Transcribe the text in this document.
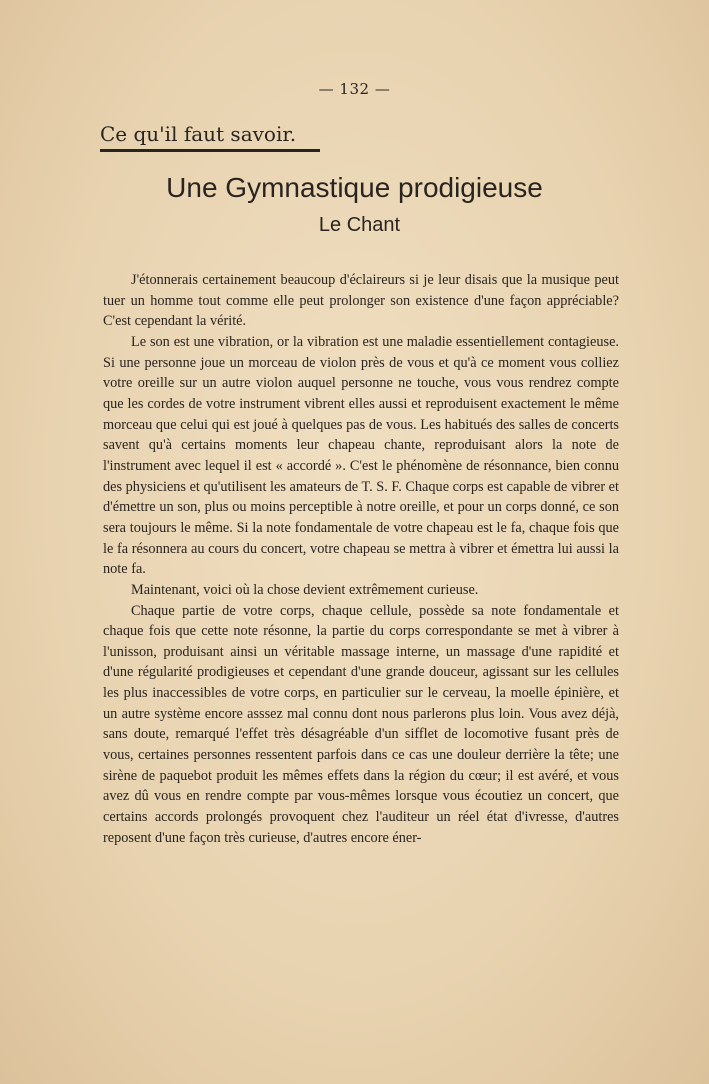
— 132 —
Ce qu'il faut savoir.
Une Gymnastique prodigieuse
Le Chant

J'étonnerais certainement beaucoup d'éclaireurs si je leur disais que la musique peut tuer un homme tout comme elle peut prolonger son existence d'une façon appréciable? C'est cependant la vérité.

Le son est une vibration, or la vibration est une maladie essentiellement contagieuse. Si une personne joue un morceau de violon près de vous et qu'à ce moment vous colliez votre oreille sur un autre violon auquel personne ne touche, vous vous rendrez compte que les cordes de votre instrument vibrent elles aussi et reproduisent exactement le même morceau que celui qui est joué à quelques pas de vous. Les habitués des salles de concerts savent qu'à certains moments leur chapeau chante, reproduisant alors la note de l'instrument avec lequel il est « accordé ». C'est le phénomène de résonnance, bien connu des physiciens et qu'utilisent les amateurs de T. S. F. Chaque corps est capable de vibrer et d'émettre un son, plus ou moins perceptible à notre oreille, et pour un corps donné, ce son sera toujours le même. Si la note fondamentale de votre chapeau est le fa, chaque fois que le fa résonnera au cours du concert, votre chapeau se mettra à vibrer et émettra lui aussi la note fa.

Maintenant, voici où la chose devient extrêmement curieuse.

Chaque partie de votre corps, chaque cellule, possède sa note fondamentale et chaque fois que cette note résonne, la partie du corps correspondante se met à vibrer à l'unisson, produisant ainsi un véritable massage interne, un massage d'une rapidité et d'une régularité prodigieuses et cependant d'une grande douceur, agissant sur les cellules les plus inaccessibles de votre corps, en particulier sur le cerveau, la moelle épinière, et un autre système encore asssez mal connu dont nous parlerons plus loin. Vous avez déjà, sans doute, remarqué l'effet très désagréable d'un sifflet de locomotive fusant près de vous, certaines personnes ressentent parfois dans ce cas une douleur derrière la tête; une sirène de paquebot produit les mêmes effets dans la région du cœur; il est avéré, et vous avez dû vous en rendre compte par vous-mêmes lorsque vous écoutiez un concert, que certains accords prolongés provoquent chez l'auditeur un réel état d'ivresse, d'autres reposent d'une façon très curieuse, d'autres encore éner-
